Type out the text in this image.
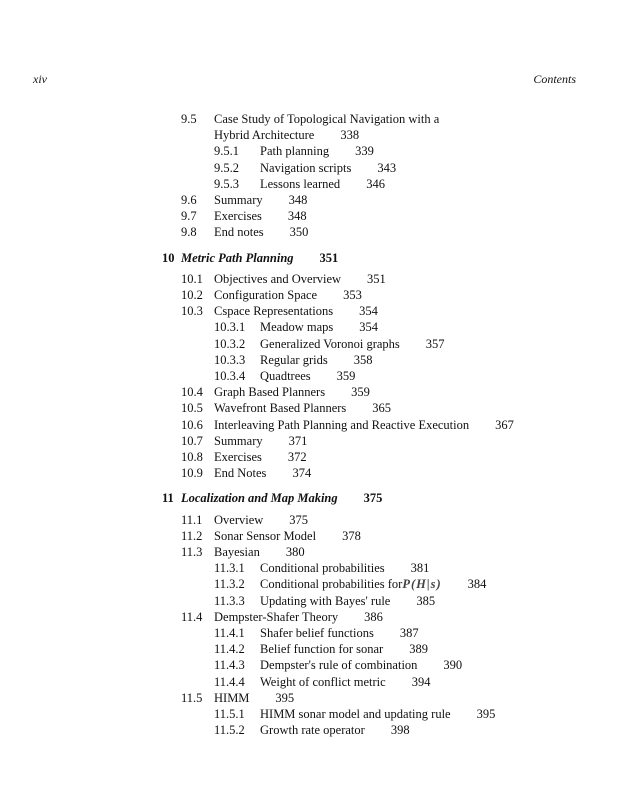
xiv	Contents
9.5 Case Study of Topological Navigation with a
Hybrid Architecture 338
9.5.1 Path planning 339
9.5.2 Navigation scripts 343
9.5.3 Lessons learned 346
9.6 Summary 348
9.7 Exercises 348
9.8 End notes 350
10 Metric Path Planning 351
10.1 Objectives and Overview 351
10.2 Configuration Space 353
10.3 Cspace Representations 354
10.3.1 Meadow maps 354
10.3.2 Generalized Voronoi graphs 357
10.3.3 Regular grids 358
10.3.4 Quadtrees 359
10.4 Graph Based Planners 359
10.5 Wavefront Based Planners 365
10.6 Interleaving Path Planning and Reactive Execution 367
10.7 Summary 371
10.8 Exercises 372
10.9 End Notes 374
11 Localization and Map Making 375
11.1 Overview 375
11.2 Sonar Sensor Model 378
11.3 Bayesian 380
11.3.1 Conditional probabilities 381
11.3.2 Conditional probabilities forP(H|s) 384
11.3.3 Updating with Bayes' rule 385
11.4 Dempster-Shafer Theory 386
11.4.1 Shafer belief functions 387
11.4.2 Belief function for sonar 389
11.4.3 Dempster's rule of combination 390
11.4.4 Weight of conflict metric 394
11.5 HIMM 395
11.5.1 HIMM sonar model and updating rule 395
11.5.2 Growth rate operator 398
